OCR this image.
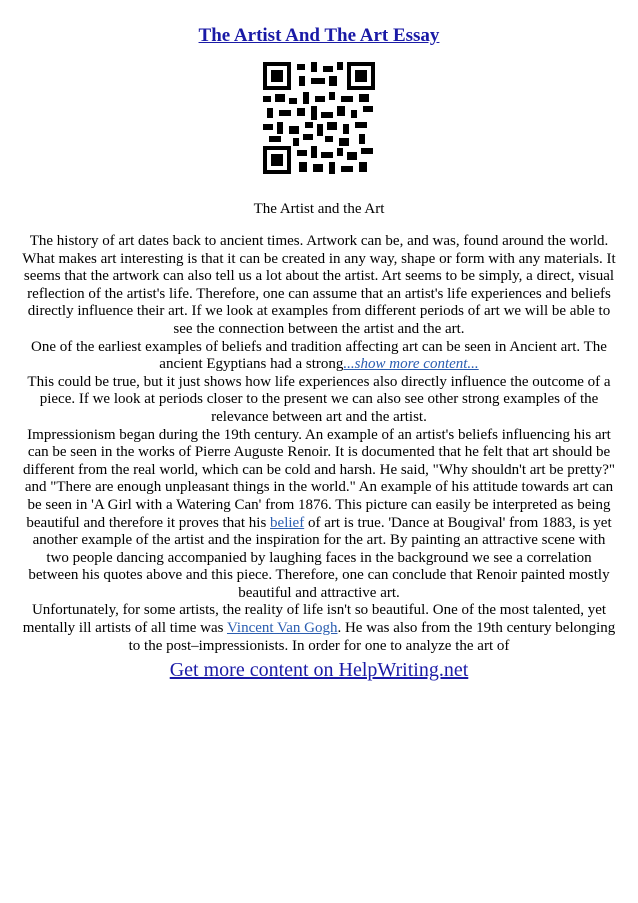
The Artist And The Art Essay
The Artist and the Art

The history of art dates back to ancient times. Artwork can be, and was, found around the world. What makes art interesting is that it can be created in any way, shape or form with any materials. It seems that the artwork can also tell us a lot about the artist. Art seems to be simply, a direct, visual reflection of the artist's life. Therefore, one can assume that an artist's life experiences and beliefs directly influence their art. If we look at examples from different periods of art we will be able to see the connection between the artist and the art.

One of the earliest examples of beliefs and tradition affecting art can be seen in Ancient art. The ancient Egyptians had a strong...show more content...

This could be true, but it just shows how life experiences also directly influence the outcome of a piece. If we look at periods closer to the present we can also see other strong examples of the relevance between art and the artist.

Impressionism began during the 19th century. An example of an artist's beliefs influencing his art can be seen in the works of Pierre Auguste Renoir. It is documented that he felt that art should be different from the real world, which can be cold and harsh. He said, "Why shouldn't art be pretty?" and "There are enough unpleasant things in the world." An example of his attitude towards art can be seen in 'A Girl with a Watering Can' from 1876. This picture can easily be interpreted as being beautiful and therefore it proves that his belief of art is true. 'Dance at Bougival' from 1883, is yet another example of the artist and the inspiration for the art. By painting an attractive scene with two people dancing accompanied by laughing faces in the background we see a correlation between his quotes above and this piece. Therefore, one can conclude that Renoir painted mostly beautiful and attractive art.

Unfortunately, for some artists, the reality of life isn't so beautiful. One of the most talented, yet mentally ill artists of all time was Vincent Van Gogh. He was also from the 19th century belonging to the post–impressionists. In order for one to analyze the art of

Get more content on HelpWriting.net
